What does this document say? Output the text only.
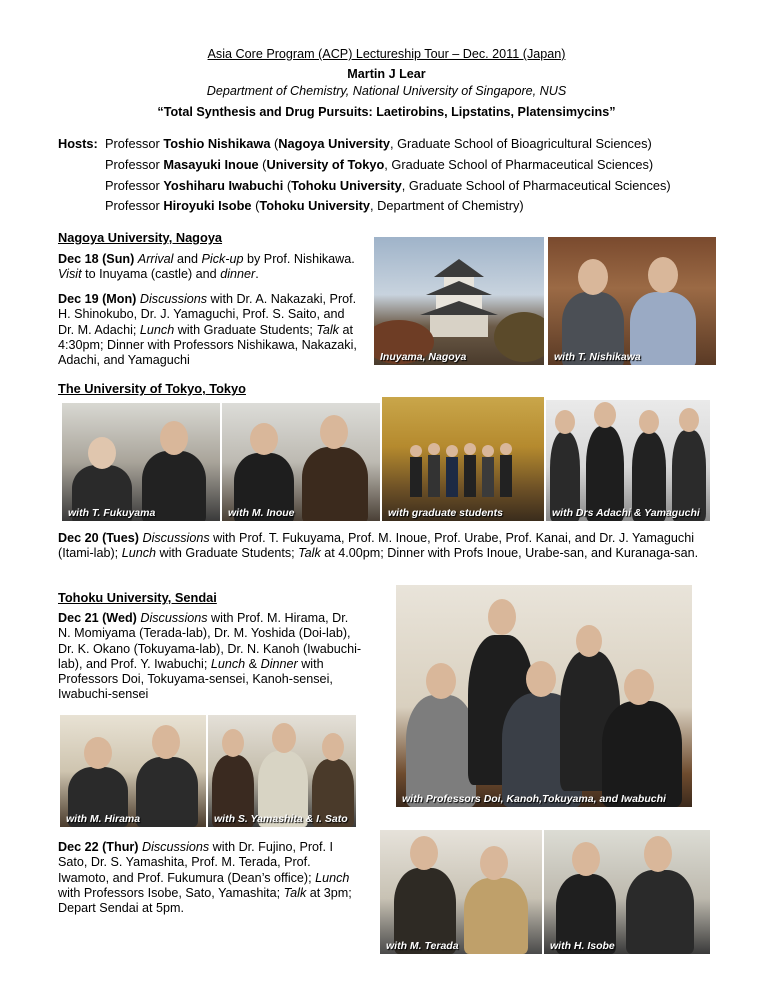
Asia Core Program (ACP) Lectureship Tour – Dec. 2011 (Japan)
Martin J Lear
Department of Chemistry, National University of Singapore, NUS
“Total Synthesis and Drug Pursuits: Laetirobins, Lipstatins, Platensimycins”
Hosts: Professor Toshio Nishikawa (Nagoya University, Graduate School of Bioagricultural Sciences)
Professor Masayuki Inoue (University of Tokyo, Graduate School of Pharmaceutical Sciences)
Professor Yoshiharu Iwabuchi (Tohoku University, Graduate School of Pharmaceutical Sciences)
Professor Hiroyuki Isobe (Tohoku University, Department of Chemistry)
Nagoya University, Nagoya
Dec 18 (Sun) Arrival and Pick-up by Prof. Nishikawa. Visit to Inuyama (castle) and dinner.
Dec 19 (Mon) Discussions with Dr. A. Nakazaki, Prof. H. Shinokubo, Dr. J. Yamaguchi, Prof. S. Saito, and Dr. M. Adachi; Lunch with Graduate Students; Talk at 4:30pm; Dinner with Professors Nishikawa, Nakazaki, Adachi, and Yamaguchi	Inuyama, Nagoya	with T. Nishikawa
The University of Tokyo, Tokyo
with T. Fukuyama	with M. Inoue	with graduate students	with Drs Adachi & Yamaguchi
Dec 20 (Tues) Discussions with Prof. T. Fukuyama, Prof. M. Inoue, Prof. Urabe, Prof. Kanai, and Dr. J. Yamaguchi (Itami-lab); Lunch with Graduate Students; Talk at 4.00pm; Dinner with Profs Inoue, Urabe-san, and Kuranaga-san.
Tohoku University, Sendai
Dec 21 (Wed) Discussions with Prof. M. Hirama, Dr. N. Momiyama (Terada-lab), Dr. M. Yoshida (Doi-lab), Dr. K. Okano (Tokuyama-lab), Dr. N. Kanoh (Iwabuchi-lab), and Prof. Y. Iwabuchi; Lunch & Dinner with Professors Doi, Tokuyama-sensei, Kanoh-sensei, Iwabuchi-sensei
with Professors Doi, Kanoh,Tokuyama, and Iwabuchi
with M. Hirama	with S. Yamashita & I. Sato
Dec 22 (Thur) Discussions with Dr. Fujino, Prof. I Sato, Dr. S. Yamashita, Prof. M. Terada, Prof. Iwamoto, and Prof. Fukumura (Dean’s office); Lunch with Professors Isobe, Sato, Yamashita; Talk at 3pm; Depart Sendai at 5pm.
with M. Terada	with H. Isobe
